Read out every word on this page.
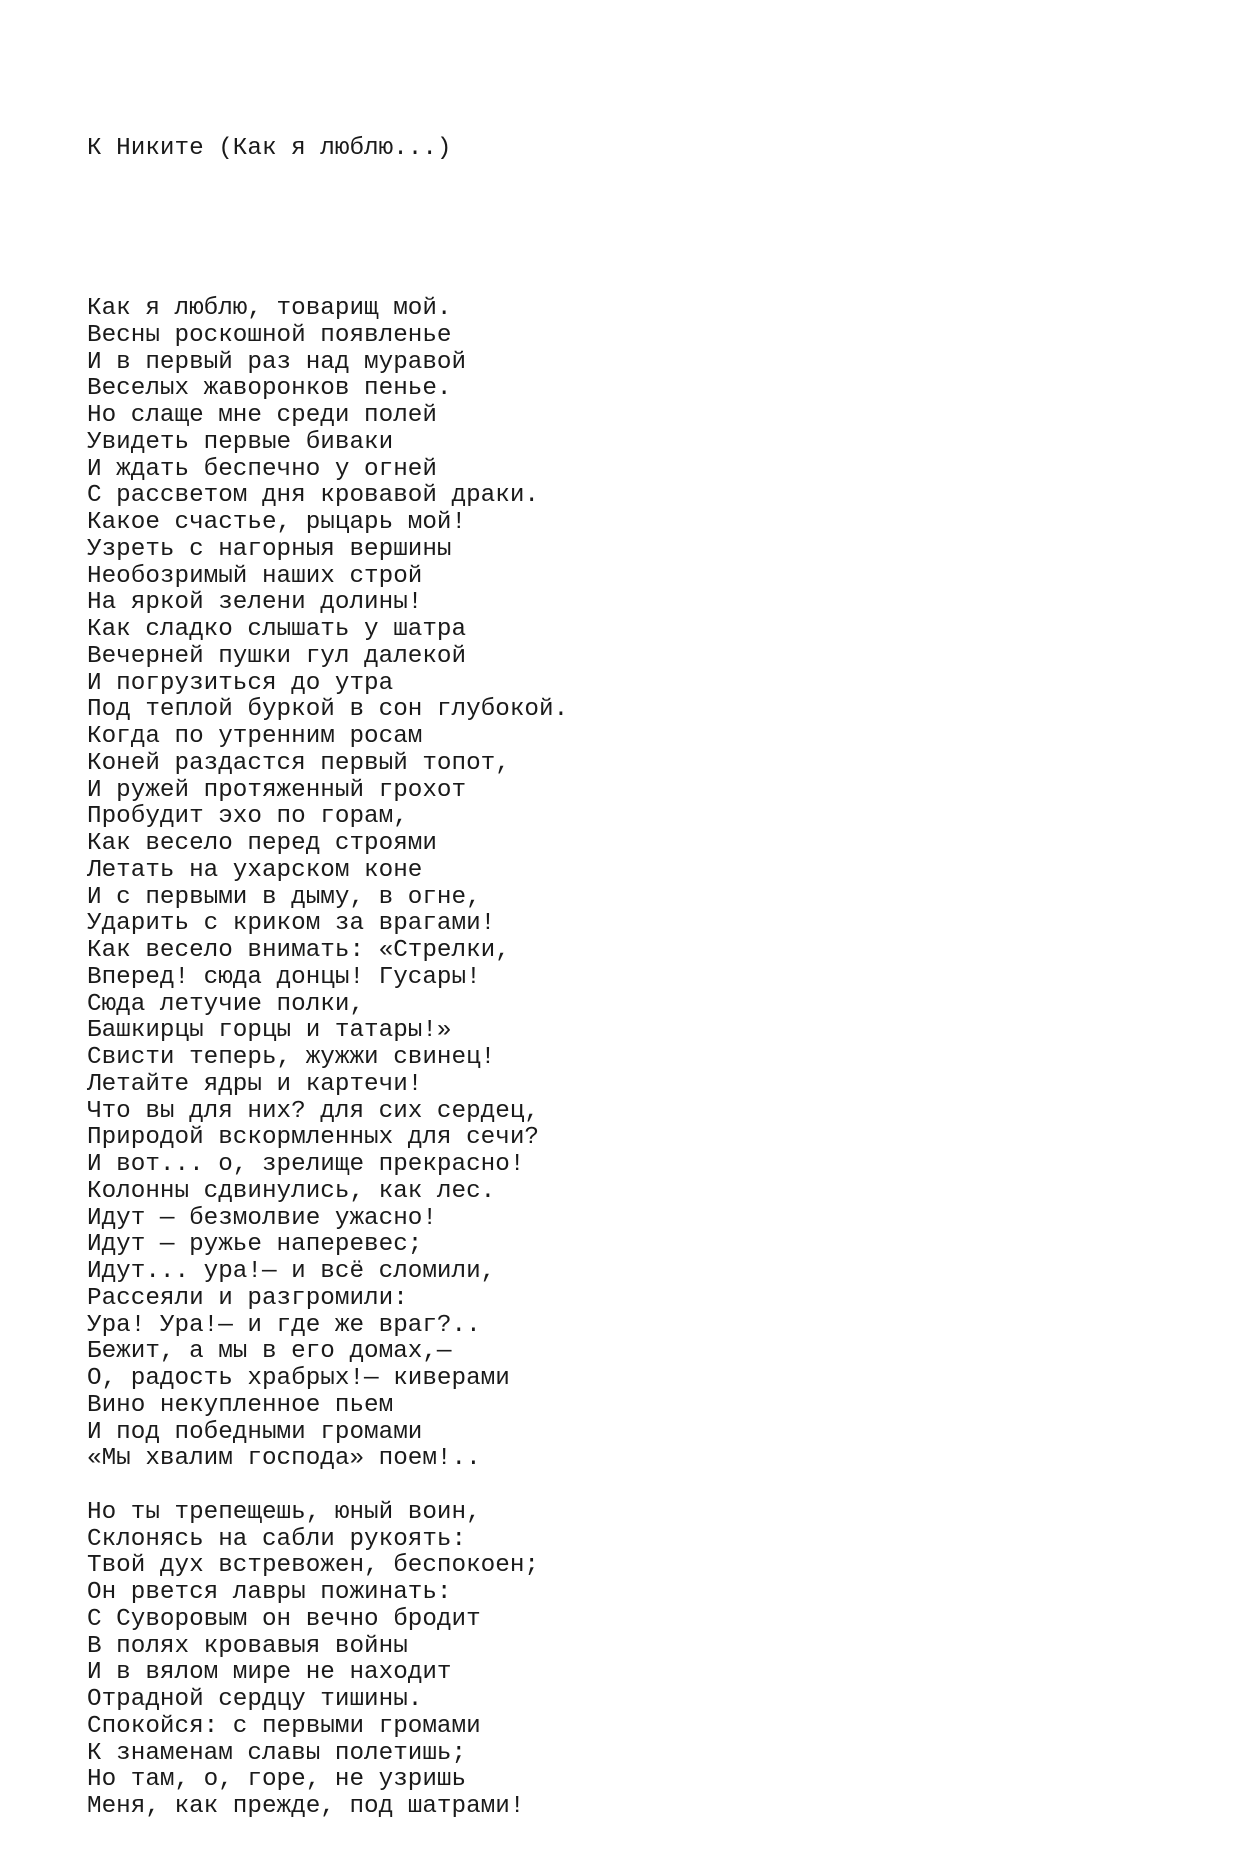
К Никите (Как я люблю...)

Как я люблю, товарищ мой.
Весны роскошной появленье
И в первый раз над муравой
Веселых жаворонков пенье.
Но слаще мне среди полей
Увидеть первые биваки
И ждать беспечно у огней
С рассветом дня кровавой драки.
Какое счастье, рыцарь мой!
Узреть с нагорныя вершины
Необозримый наших строй
На яркой зелени долины!
Как сладко слышать у шатра
Вечерней пушки гул далекой
И погрузиться до утра
Под теплой буркой в сон глубокой.
Когда по утренним росам
Коней раздастся первый топот,
И ружей протяженный грохот
Пробудит эхо по горам,
Как весело перед строями
Летать на ухарском коне
И с первыми в дыму, в огне,
Ударить с криком за врагами!
Как весело внимать: «Стрелки,
Вперед! сюда донцы! Гусары!
Сюда летучие полки,
Башкирцы горцы и татары!»
Свисти теперь, жужжи свинец!
Летайте ядры и картечи!
Что вы для них? для сих сердец,
Природой вскормленных для сечи?
И вот... о, зрелище прекрасно!
Колонны сдвинулись, как лес.
Идут — безмолвие ужасно!
Идут — ружье наперевес;
Идут... ура!— и всё сломили,
Рассеяли и разгромили:
Ура! Ура!— и где же враг?..
Бежит, а мы в его домах,—
О, радость храбрых!— киверами
Вино некупленное пьем
И под победными громами
«Мы хвалим господа» поем!..
Но ты трепещешь, юный воин,
Склонясь на сабли рукоять:
Твой дух встревожен, беспокоен;
Он рвется лавры пожинать:
С Суворовым он вечно бродит
В полях кровавыя войны
И в вялом мире не находит
Отрадной сердцу тишины.
Спокойся: с первыми громами
К знаменам славы полетишь;
Но там, о, горе, не узришь
Меня, как прежде, под шатрами!
